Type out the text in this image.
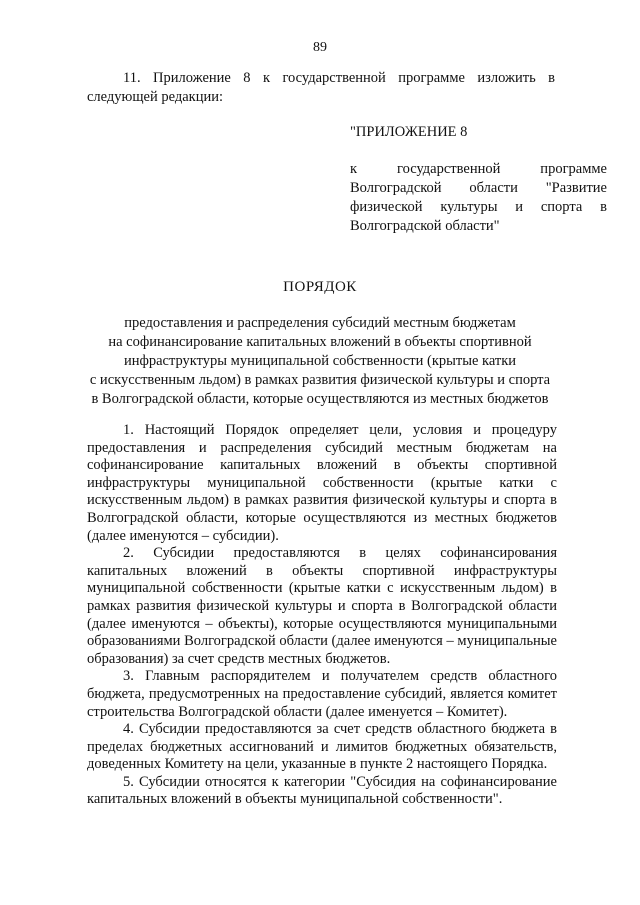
89
11. Приложение 8 к государственной программе изложить в следующей редакции:

"ПРИЛОЖЕНИЕ 8

к государственной программе Волгоградской области "Развитие физической культуры и спорта в Волгоградской области"

ПОРЯДОК
предоставления и распределения субсидий местным бюджетам
на софинансирование капитальных вложений в объекты спортивной
инфраструктуры муниципальной собственности (крытые катки
с искусственным льдом) в рамках развития физической культуры и спорта
в Волгоградской области, которые осуществляются из местных бюджетов

1. Настоящий Порядок определяет цели, условия и процедуру предоставления и распределения субсидий местным бюджетам на софинансирование капитальных вложений в объекты спортивной инфраструктуры муниципальной собственности (крытые катки с искусственным льдом) в рамках развития физической культуры и спорта в Волгоградской области, которые осуществляются из местных бюджетов (далее именуются – субсидии).

2. Субсидии предоставляются в целях софинансирования капитальных вложений в объекты спортивной инфраструктуры муниципальной собственности (крытые катки с искусственным льдом) в рамках развития физической культуры и спорта в Волгоградской области (далее именуются – объекты), которые осуществляются муниципальными образованиями Волгоградской области (далее именуются – муниципальные образования) за счет средств местных бюджетов.

3. Главным распорядителем и получателем средств областного бюджета, предусмотренных на предоставление субсидий, является комитет строительства Волгоградской области (далее именуется – Комитет).

4. Субсидии предоставляются за счет средств областного бюджета в пределах бюджетных ассигнований и лимитов бюджетных обязательств, доведенных Комитету на цели, указанные в пункте 2 настоящего Порядка.

5. Субсидии относятся к категории "Субсидия на софинансирование капитальных вложений в объекты муниципальной собственности".
